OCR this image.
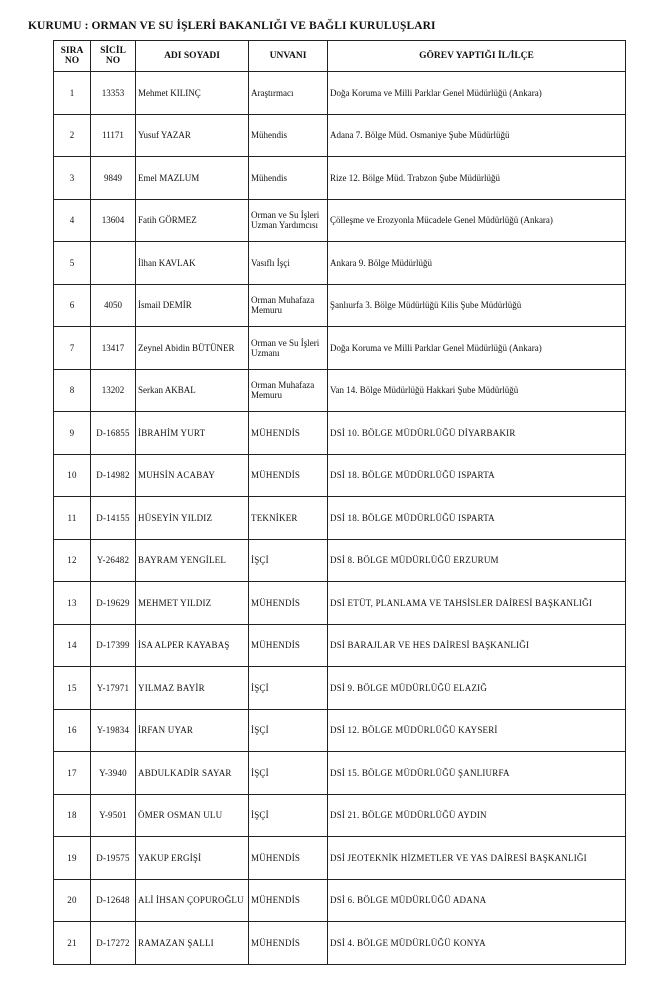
KURUMU : ORMAN VE SU İŞLERİ BAKANLIĞI VE BAĞLI KURULUŞLARI
SIRA NO	SİCİL NO	ADI SOYADI	UNVANI	GÖREV YAPTIĞI İL/İLÇE
1	13353	Mehmet KILINÇ	Araştırmacı	Doğa Koruma ve Milli Parklar Genel Müdürlüğü (Ankara)
2	11171	Yusuf YAZAR	Mühendis	Adana 7. Bölge Müd. Osmaniye Şube Müdürlüğü
3	9849	Emel MAZLUM	Mühendis	Rize 12. Bölge Müd. Trabzon Şube Müdürlüğü
4	13604	Fatih GÖRMEZ	Orman ve Su İşleri Uzman Yardımcısı	Çölleşme ve Erozyonla Mücadele Genel Müdürlüğü (Ankara)
5		İlhan KAVLAK	Vasıflı İşçi	Ankara 9. Bölge Müdürlüğü
6	4050	İsmail DEMİR	Orman Muhafaza Memuru	Şanlıurfa 3. Bölge Müdürlüğü Kilis Şube Müdürlüğü
7	13417	Zeynel Abidin BÜTÜNER	Orman ve Su İşleri Uzmanı	Doğa Koruma ve Milli Parklar Genel Müdürlüğü (Ankara)
8	13202	Serkan AKBAL	Orman Muhafaza Memuru	Van 14. Bölge Müdürlüğü Hakkari Şube Müdürlüğü
9	D-16855	İBRAHİM YURT	MÜHENDİS	DSİ 10. BÖLGE MÜDÜRLÜĞÜ DİYARBAKIR
10	D-14982	MUHSİN ACABAY	MÜHENDİS	DSİ 18. BÖLGE MÜDÜRLÜĞÜ ISPARTA
11	D-14155	HÜSEYİN YILDIZ	TEKNİKER	DSİ 18. BÖLGE MÜDÜRLÜĞÜ ISPARTA
12	Y-26482	BAYRAM YENGİLEL	İŞÇİ	DSİ 8. BÖLGE MÜDÜRLÜĞÜ ERZURUM
13	D-19629	MEHMET YILDIZ	MÜHENDİS	DSİ ETÜT, PLANLAMA VE TAHSİSLER DAİRESİ BAŞKANLIĞI
14	D-17399	İSA ALPER KAYABAŞ	MÜHENDİS	DSİ BARAJLAR VE HES DAİRESİ BAŞKANLIĞI
15	Y-17971	YILMAZ BAYİR	İŞÇİ	DSİ 9. BÖLGE MÜDÜRLÜĞÜ ELAZIĞ
16	Y-19834	İRFAN UYAR	İŞÇİ	DSİ 12. BÖLGE MÜDÜRLÜĞÜ KAYSERİ
17	Y-3940	ABDULKADİR SAYAR	İŞÇİ	DSİ 15. BÖLGE MÜDÜRLÜĞÜ ŞANLIURFA
18	Y-9501	ÖMER OSMAN ULU	İŞÇİ	DSİ 21. BÖLGE MÜDÜRLÜĞÜ AYDIN
19	D-19575	YAKUP ERGİŞİ	MÜHENDİS	DSİ JEOTEKNİK HİZMETLER VE YAS DAİRESİ BAŞKANLIĞI
20	D-12648	ALİ İHSAN ÇOPUROĞLU	MÜHENDİS	DSİ 6. BÖLGE MÜDÜRLÜĞÜ ADANA
21	D-17272	RAMAZAN ŞALLI	MÜHENDİS	DSİ 4. BÖLGE MÜDÜRLÜĞÜ KONYA
